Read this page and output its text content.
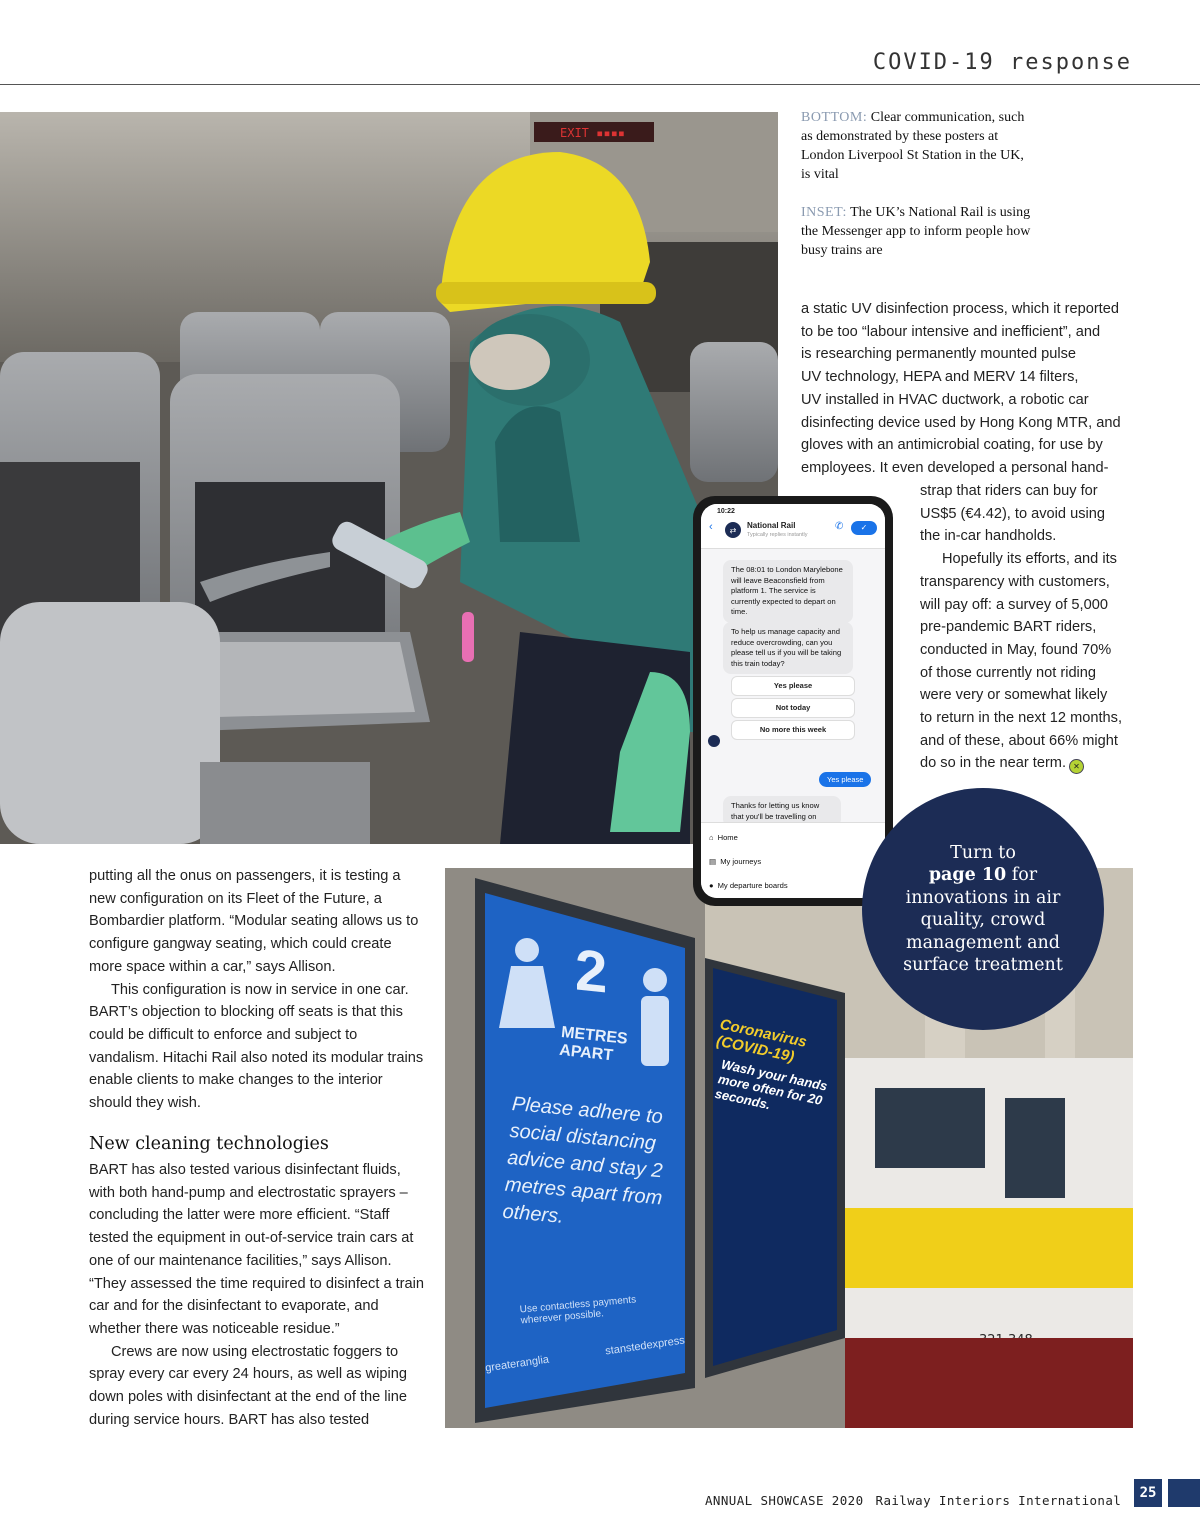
COVID-19 response
EXIT ▪▪▪▪
BOTTOM: Clear communication, such as demonstrated by these posters at London Liverpool St Station in the UK, is vital
INSET: The UK’s National Rail is using the Messenger app to inform people how busy trains are

a static UV disinfection process, which it reported

to be too “labour intensive and inefficient”, and

is researching permanently mounted pulse

UV technology, HEPA and MERV 14 filters,

UV installed in HVAC ductwork, a robotic car

disinfecting device used by Hong Kong MTR, and

gloves with an antimicrobial coating, for use by

employees. It even developed a personal hand-

strap that riders can buy for

US$5 (€4.42), to avoid using

the in-car handholds.

Hopefully its efforts, and its

transparency with customers,

will pay off: a survey of 5,000

pre-pandemic BART riders,

conducted in May, found 70%

of those currently not riding

were very or somewhat likely

to return in the next 12 months,

and of these, about 66% might

do so in the near term. ✕

putting all the onus on passengers, it is testing a new configuration on its Fleet of the Future, a Bombardier platform. “Modular seating allows us to configure gangway seating, which could create more space within a car,” says Allison.

This configuration is now in service in one car. BART’s objection to blocking off seats is that this could be difficult to enforce and subject to vandalism. Hitachi Rail also noted its modular trains enable clients to make changes to the interior should they wish.

New cleaning technologies

BART has also tested various disinfectant fluids, with both hand-pump and electrostatic sprayers – concluding the latter were more efficient. “Staff tested the equipment in out-of-service train cars at one of our maintenance facilities,” says Allison. “They assessed the time required to disinfect a train car and for the disinfectant to evaporate, and whether there was noticeable residue.”

Crews are now using electrostatic foggers to spray every car every 24 hours, as well as wiping down poles with disinfectant at the end of the line during service hours. BART has also tested

2
METRES APART
Please adhere to social distancing advice and stay 2 metres apart from others.
Use contactless payments wherever possible.
greateranglia
stanstedexpress
Coronavirus (COVID-19)
Wash your hands more often for 20 seconds.
10:22
‹	⇄	National Rail
Typically replies instantly
✆	✓
The 08:01 to London Marylebone will leave Beaconsfield from platform 1. The service is currently expected to depart on time.
To help us manage capacity and reduce overcrowding, can you please tell us if you will be taking this train today?
Yes please
Not today
No more this week
Yes please
Thanks for letting us know that you'll be travelling on
⌂ Home
▤ My journeys
● My departure boards
Turn to
page 10 for
innovations in air quality, crowd management and surface treatment
ANNUAL SHOWCASE 2020 Railway Interiors International	25
